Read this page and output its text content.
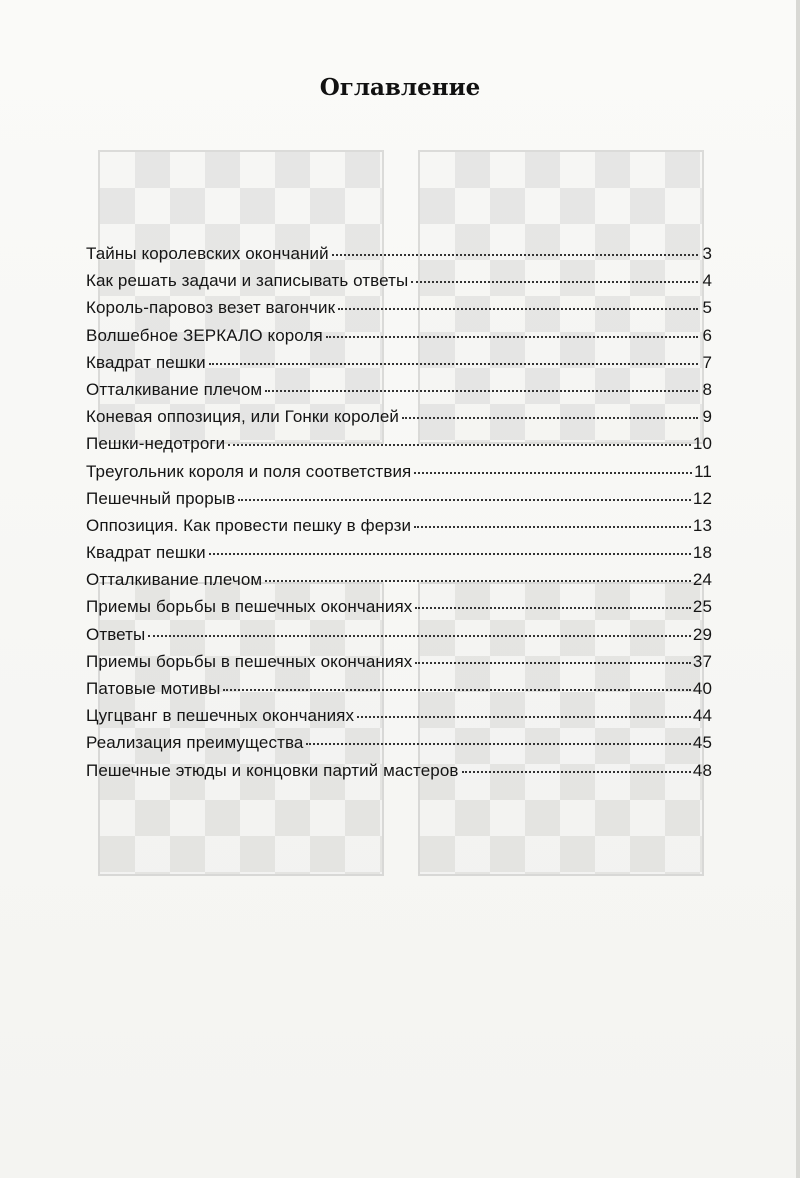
Оглавление
Тайны королевских окончаний	3
Как решать задачи и записывать ответы	4
Король-паровоз везет вагончик	5
Волшебное ЗЕРКАЛО короля	6
Квадрат пешки	7
Отталкивание плечом	8
Коневая оппозиция, или Гонки королей	9
Пешки-недотроги	10
Треугольник короля и поля соответствия	11
Пешечный прорыв	12
Оппозиция. Как провести пешку в ферзи	13
Квадрат пешки	18
Отталкивание плечом	24
Приемы борьбы в пешечных окончаниях	25
Ответы	29
Приемы борьбы в пешечных окончаниях	37
Патовые мотивы	40
Цугцванг в пешечных окончаниях	44
Реализация преимущества	45
Пешечные этюды и концовки партий мастеров	48
